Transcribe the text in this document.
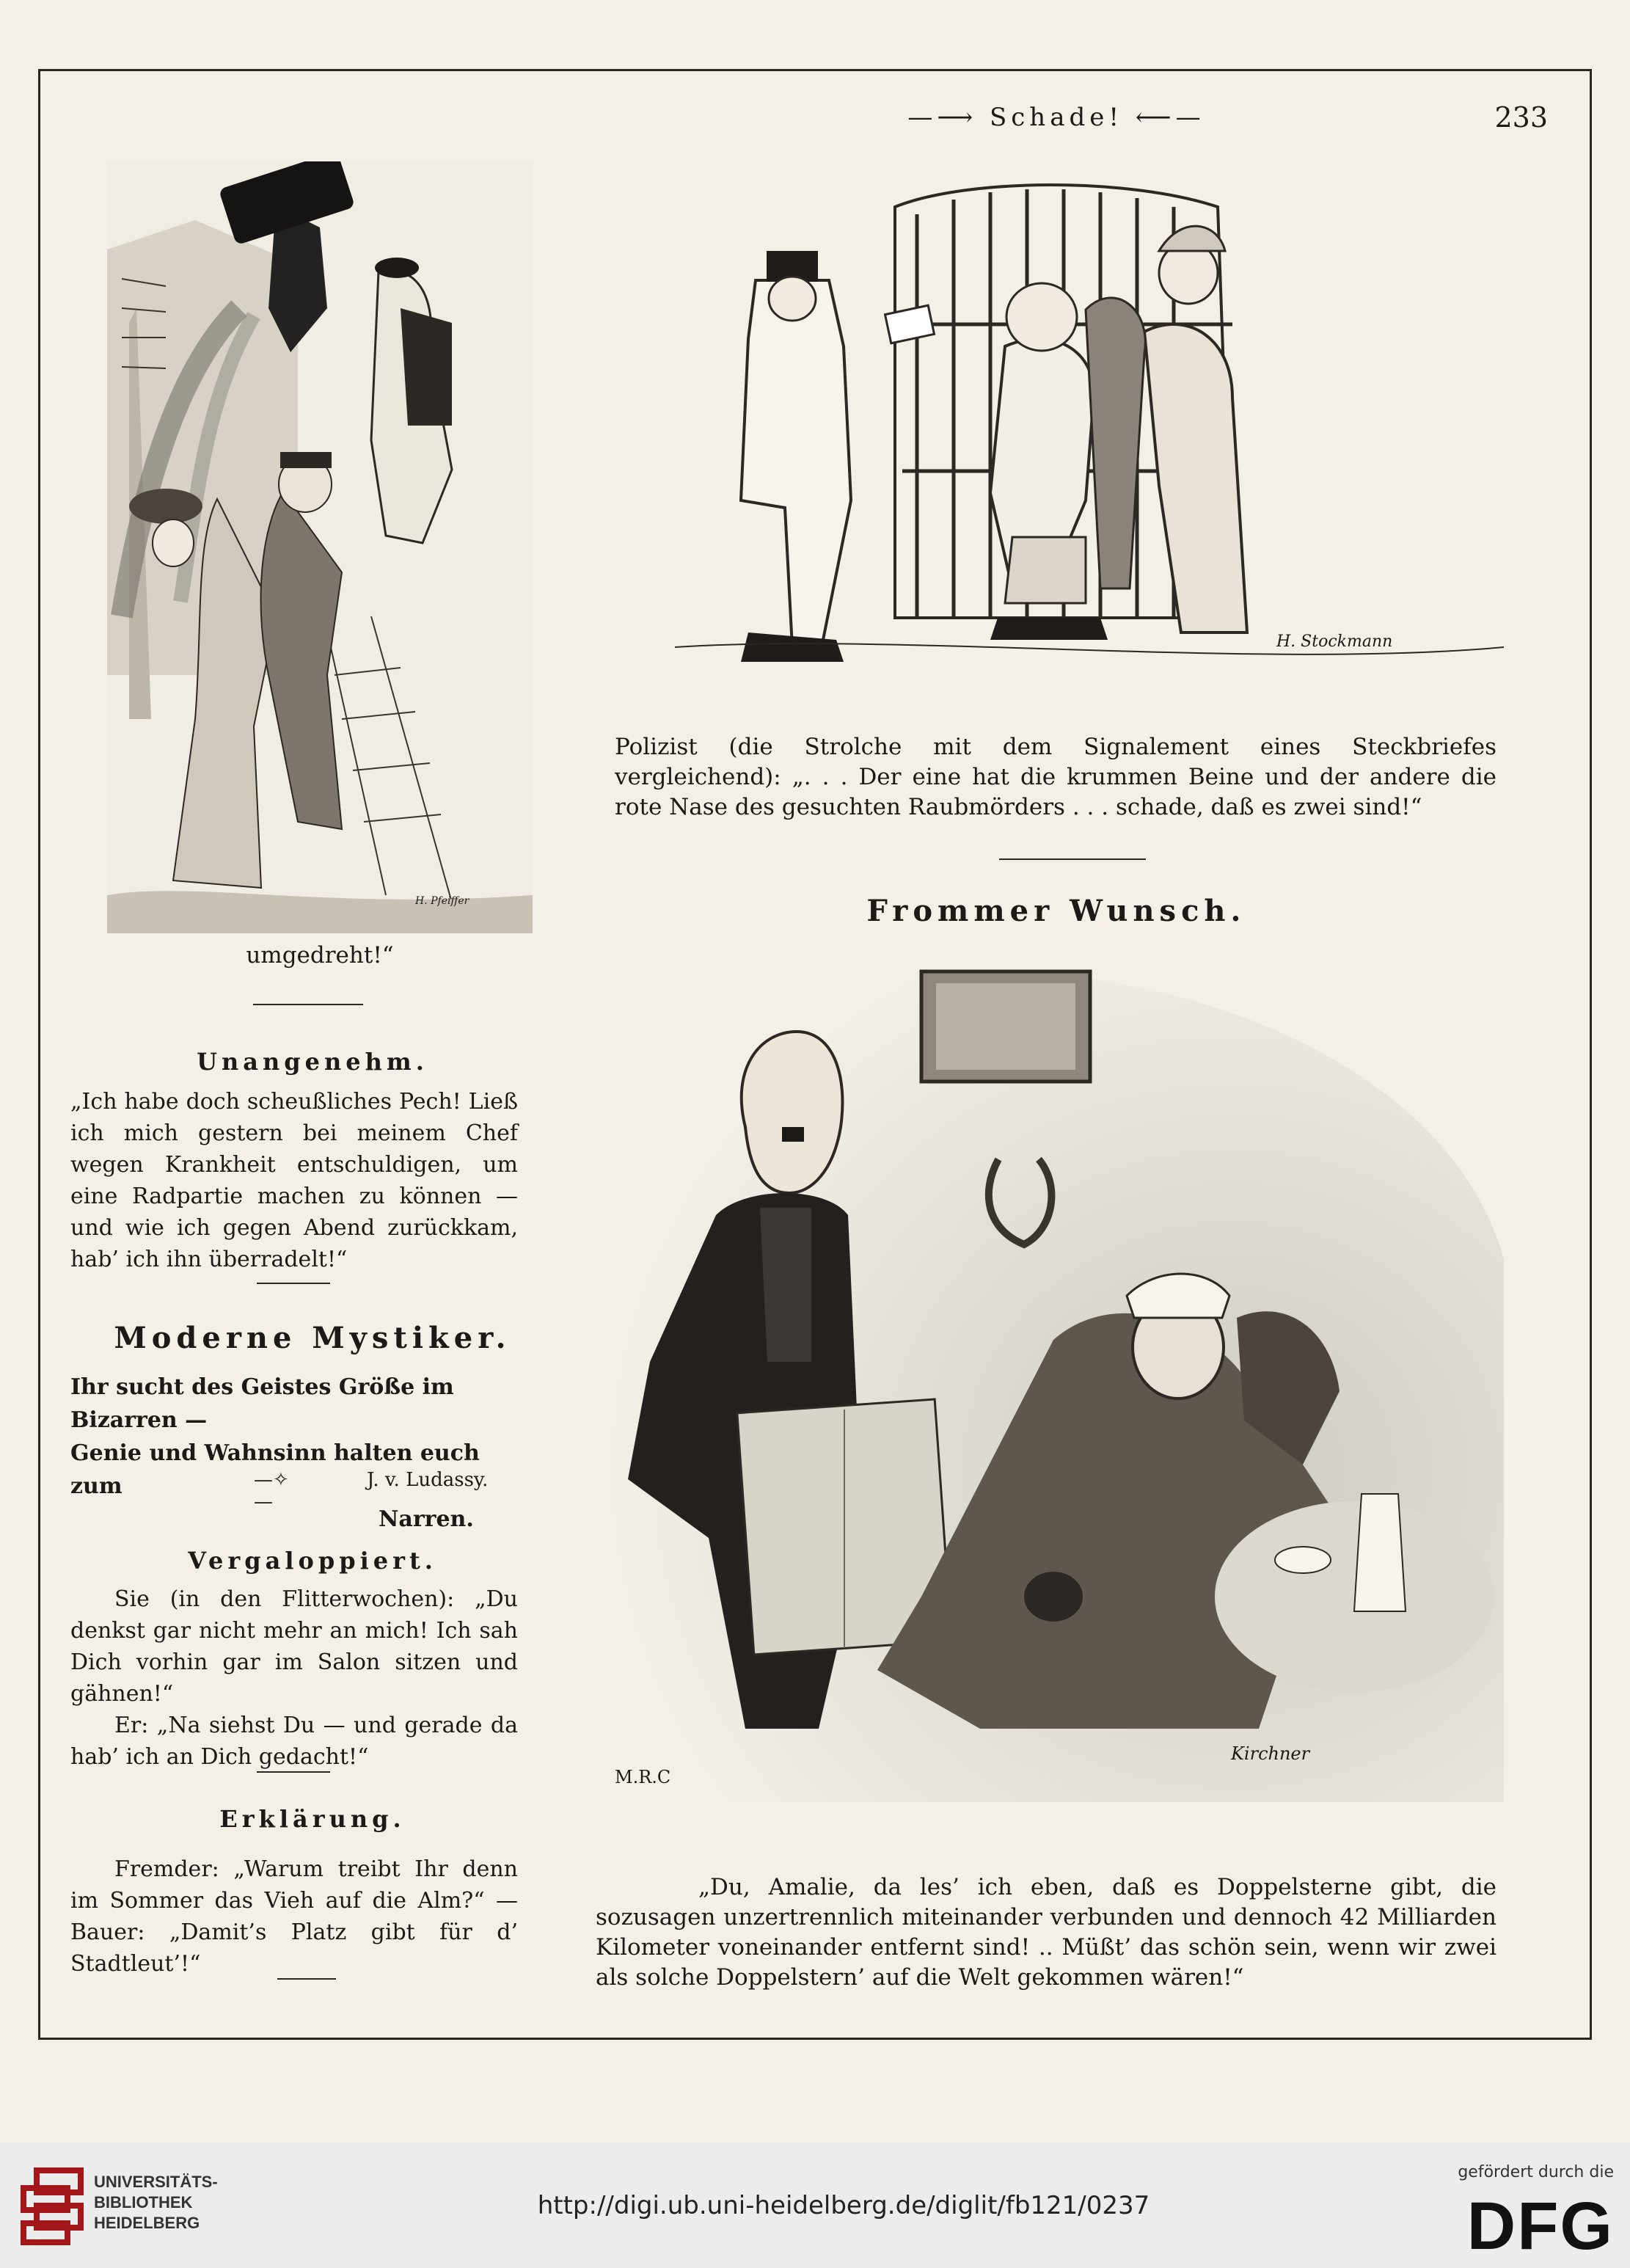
—⟶ Schade! ⟵—	233
H. Pfeiffer
umgedreht!“
H. Stockmann
Polizist (die Strolche mit dem Signalement eines Steckbriefes vergleichend): „. . . Der eine hat die krummen Beine und der andere die rote Nase des gesuchten Raubmörders . . . schade, daß es zwei sind!“
Unangenehm.
„Ich habe doch scheußliches Pech! Ließ ich mich gestern bei meinem Chef wegen Krankheit entschuldigen, um eine Radpartie machen zu können — und wie ich gegen Abend zurückkam, hab’ ich ihn überradelt!“
Moderne Mystiker.
Ihr sucht des Geistes Größe im Bizarren —
Genie und Wahnsinn halten euch zum
Narren.
—✧—
J. v. Ludassy.
Vergaloppiert.

Sie (in den Flitterwochen): „Du denkst gar nicht mehr an mich! Ich sah Dich vorhin gar im Salon sitzen und gähnen!“

Er: „Na siehst Du — und gerade da hab’ ich an Dich gedacht!“

Erklärung.
Fremder: „Warum treibt Ihr denn im Sommer das Vieh auf die Alm?“ — Bauer: „Damit’s Platz gibt für d’ Stadtleut’!“
Frommer Wunsch.
M.R.C
Kirchner
„Du, Amalie, da les’ ich eben, daß es Doppelsterne gibt, die sozusagen unzertrennlich miteinander verbunden und dennoch 42 Milliarden Kilometer voneinander entfernt sind! .. Müßt’ das schön sein, wenn wir zwei als solche Doppelstern’ auf die Welt gekommen wären!“
UNIVERSITÄTS-
BIBLIOTHEK
HEIDELBERG
http://digi.ub.uni-heidelberg.de/diglit/fb121/0237
gefördert durch die
DFG
